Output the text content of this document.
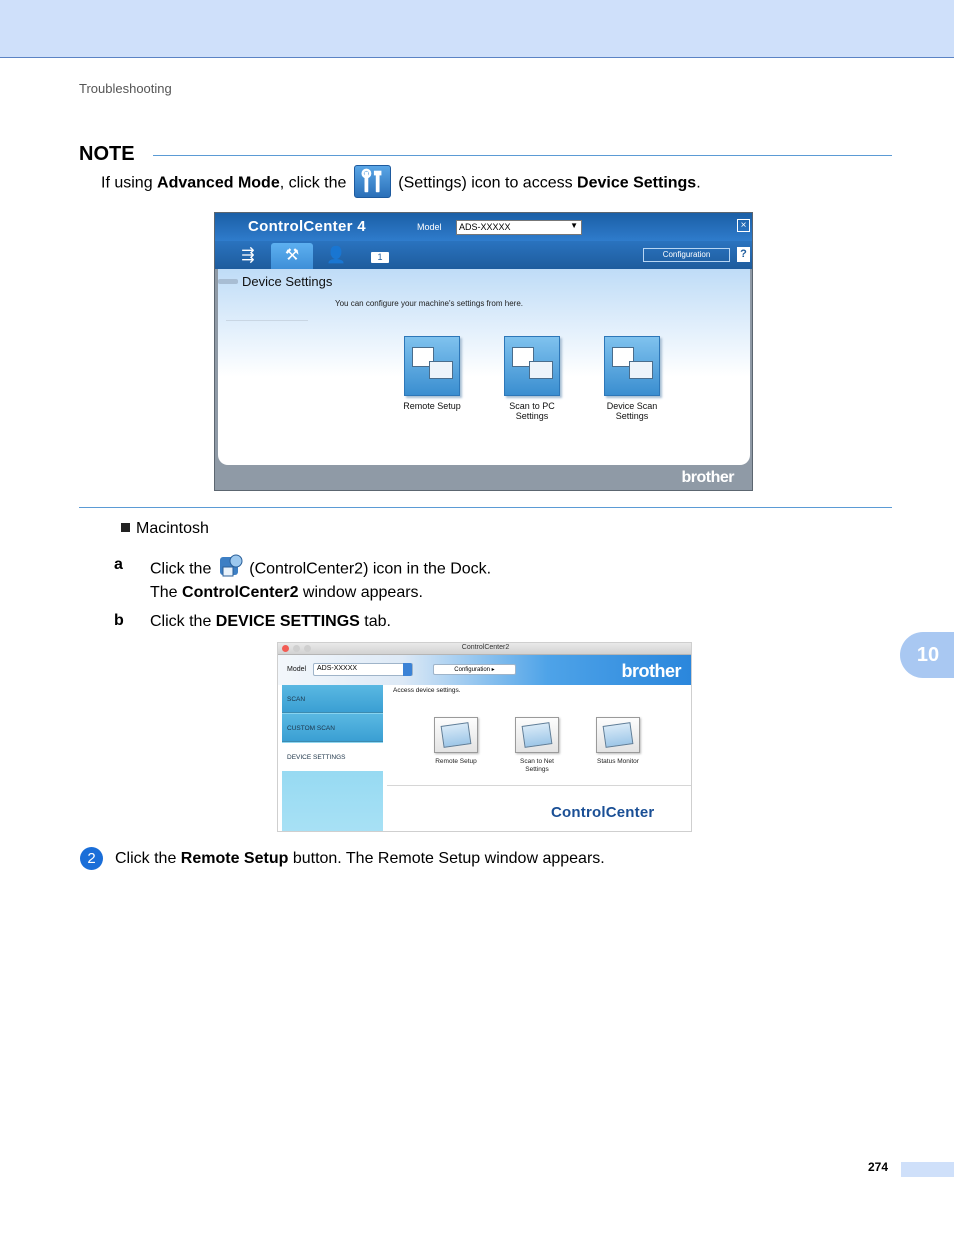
Troubleshooting
NOTE
If using Advanced Mode, click the	(Settings) icon to access Device Settings.
ControlCenter 4	Model	ADS-XXXXX	▼	×
⇶	⚒	👤	1	Configuration	?
Device Settings
You can configure your machine's settings from here.
Remote Setup	Scan to PC
Settings
Device Scan
Settings
brother
Macintosh
a Click the  (ControlCenter2) icon in the Dock.
The ControlCenter2 window appears.
b Click the DEVICE SETTINGS tab.
ControlCenter2
Model	ADS-XXXXX	Configuration ▸	brother
SCAN
CUSTOM SCAN
DEVICE SETTINGS
Access device settings.
Remote Setup	Scan to Net
Settings
Status Monitor
ControlCenter
2	Click the Remote Setup button. The Remote Setup window appears.
10
274
